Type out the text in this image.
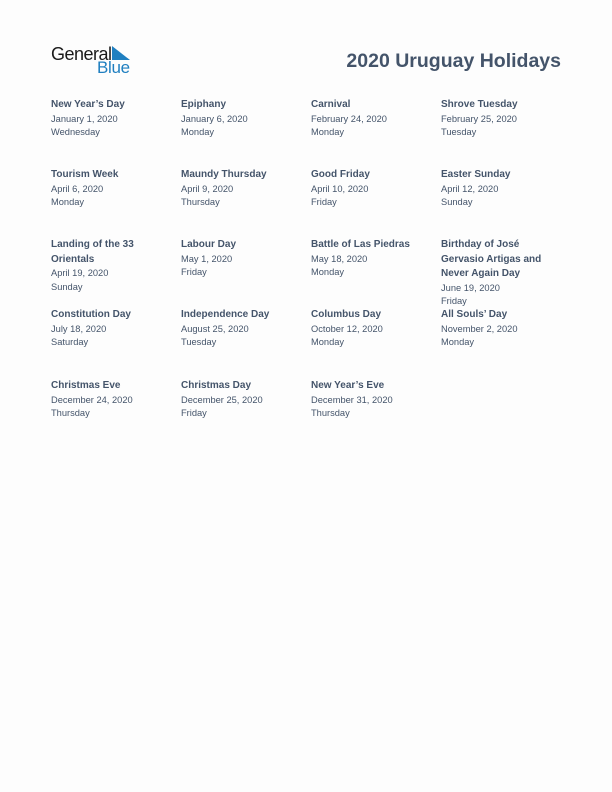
General
Blue	2020 Uruguay Holidays
New Year’s Day
January 1, 2020
Wednesday
Epiphany
January 6, 2020
Monday
Carnival
February 24, 2020
Monday
Shrove Tuesday
February 25, 2020
Tuesday
Tourism Week
April 6, 2020
Monday
Maundy Thursday
April 9, 2020
Thursday
Good Friday
April 10, 2020
Friday
Easter Sunday
April 12, 2020
Sunday
Landing of the 33 Orientals
April 19, 2020
Sunday
Labour Day
May 1, 2020
Friday
Battle of Las Piedras
May 18, 2020
Monday
Birthday of José Gervasio Artigas and Never Again Day
June 19, 2020
Friday
Constitution Day
July 18, 2020
Saturday
Independence Day
August 25, 2020
Tuesday
Columbus Day
October 12, 2020
Monday
All Souls’ Day
November 2, 2020
Monday
Christmas Eve
December 24, 2020
Thursday
Christmas Day
December 25, 2020
Friday
New Year’s Eve
December 31, 2020
Thursday
